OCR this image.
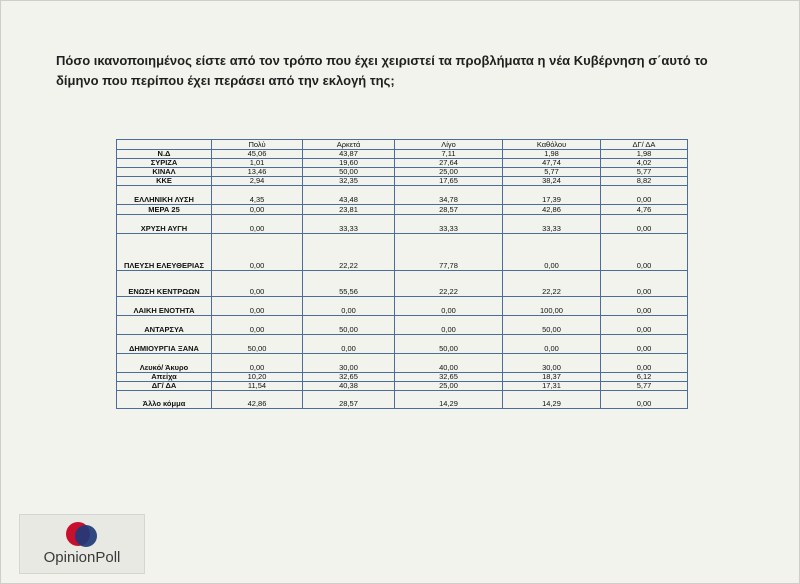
Πόσο ικανοποιημένος είστε από τον τρόπο που έχει χειριστεί τα προβλήματα η νέα Κυβέρνηση σ΄αυτό το
δίμηνο που περίπου έχει περάσει από την εκλογή της;
	Πολύ	Αρκετά	Λίγο	Καθόλου	ΔΓ/ ΔΑ
Ν.Δ	45,06	43,87	7,11	1,98	1,98
ΣΥΡΙΖΑ	1,01	19,60	27,64	47,74	4,02
ΚΙΝΑΛ	13,46	50,00	25,00	5,77	5,77
ΚΚΕ	2,94	32,35	17,65	38,24	8,82
ΕΛΛΗΝΙΚΗ ΛΥΣΗ	4,35	43,48	34,78	17,39	0,00
ΜΕΡΑ 25	0,00	23,81	28,57	42,86	4,76
ΧΡΥΣΗ ΑΥΓΗ	0,00	33,33	33,33	33,33	0,00
ΠΛΕΥΣΗ ΕΛΕΥΘΕΡΙΑΣ	0,00	22,22	77,78	0,00	0,00
ΕΝΩΣΗ ΚΕΝΤΡΩΩΝ	0,00	55,56	22,22	22,22	0,00
ΛΑΙΚΗ ΕΝΟΤΗΤΑ	0,00	0,00	0,00	100,00	0,00
ΑΝΤΑΡΣΥΑ	0,00	50,00	0,00	50,00	0,00
ΔΗΜΙΟΥΡΓΙΑ ΞΑΝΑ	50,00	0,00	50,00	0,00	0,00
Λευκό/ Άκυρο	0,00	30,00	40,00	30,00	0,00
Απείχα	10,20	32,65	32,65	18,37	6,12
ΔΓ/ ΔΑ	11,54	40,38	25,00	17,31	5,77
Άλλο κόμμα	42,86	28,57	14,29	14,29	0,00
OpinionPoll
